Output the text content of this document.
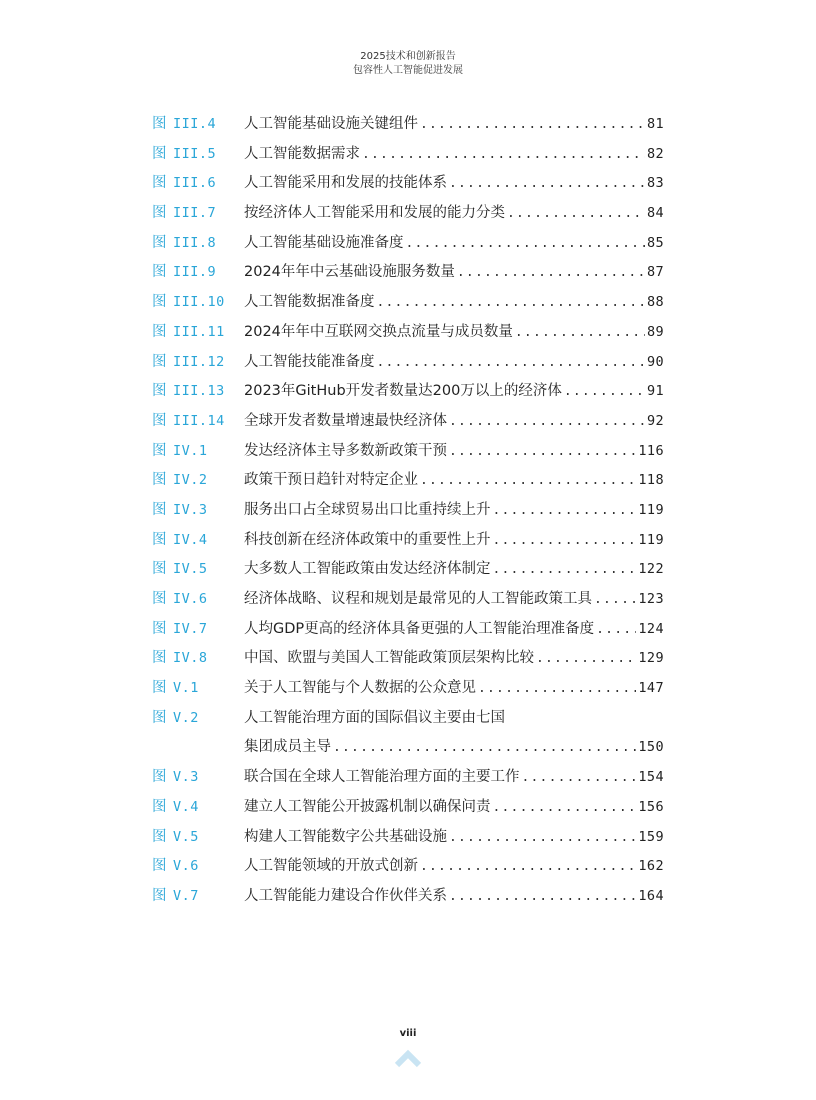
2025技术和创新报告
包容性人工智能促进发展
图 III.4	人工智能基础设施关键组件 .....	81
图 III.5	人工智能数据需求 .....	82
图 III.6	人工智能采用和发展的技能体系 .....	83
图 III.7	按经济体人工智能采用和发展的能力分类 .....	84
图 III.8	人工智能基础设施准备度 .....	85
图 III.9	2024年年中云基础设施服务数量 .....	87
图 III.10	人工智能数据准备度 .....	88
图 III.11	2024年年中互联网交换点流量与成员数量 .....	89
图 III.12	人工智能技能准备度 .....	90
图 III.13	2023年GitHub开发者数量达200万以上的经济体 .....	91
图 III.14	全球开发者数量增速最快经济体 .....	92
图 IV.1	发达经济体主导多数新政策干预 .....	116
图 IV.2	政策干预日趋针对特定企业 .....	118
图 IV.3	服务出口占全球贸易出口比重持续上升 .....	119
图 IV.4	科技创新在经济体政策中的重要性上升 .....	119
图 IV.5	大多数人工智能政策由发达经济体制定 .....	122
图 IV.6	经济体战略、议程和规划是最常见的人工智能政策工具 .....	123
图 IV.7	人均GDP更高的经济体具备更强的人工智能治理准备度 .....	124
图 IV.8	中国、欧盟与美国人工智能政策顶层架构比较 .....	129
图 V.1	关于人工智能与个人数据的公众意见 .....	147
图 V.2	人工智能治理方面的国际倡议主要由七国
集团成员主导 .....	150
图 V.3	联合国在全球人工智能治理方面的主要工作 .....	154
图 V.4	建立人工智能公开披露机制以确保问责 .....	156
图 V.5	构建人工智能数字公共基础设施 .....	159
图 V.6	人工智能领域的开放式创新 .....	162
图 V.7	人工智能能力建设合作伙伴关系 .....	164
viii
